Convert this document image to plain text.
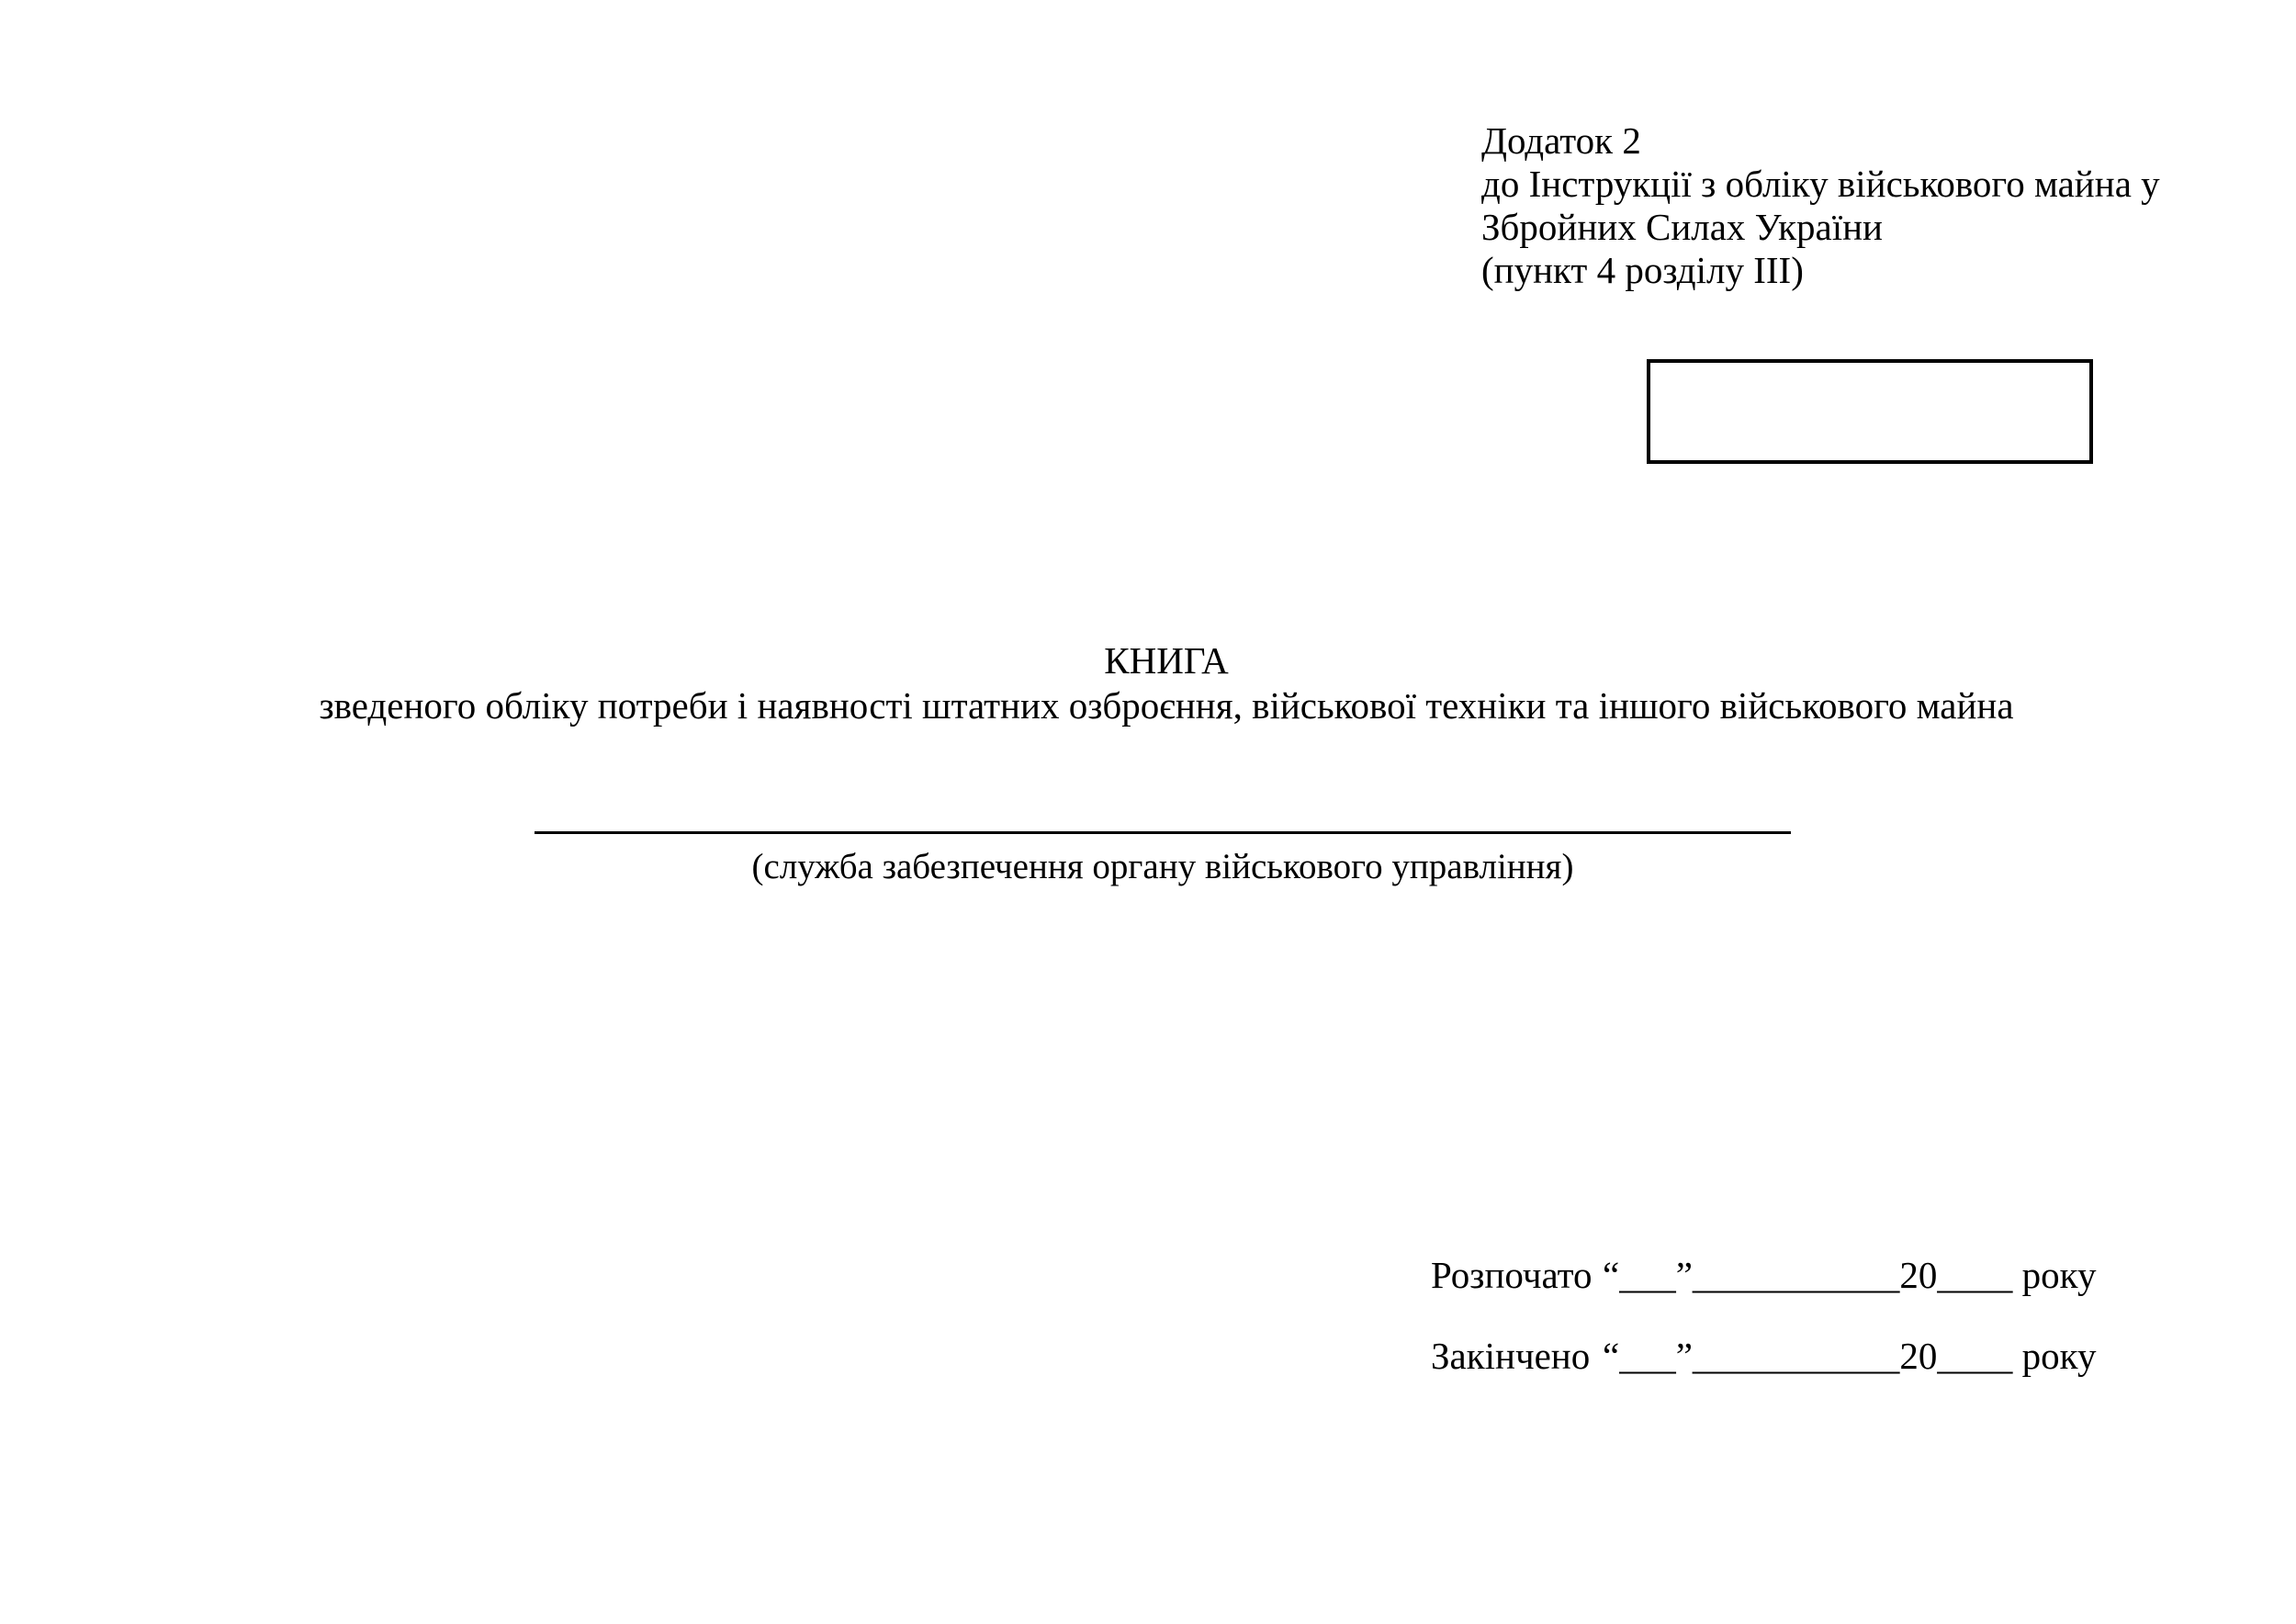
Додаток 2
до Інструкції з обліку військового майна у
Збройних Силах України
(пункт 4 розділу III)
КНИГА
зведеного обліку потреби і наявності штатних озброєння, військової техніки та іншого військового майна
(служба забезпечення органу військового управління)
Розпочато “___”___________20____ року
Закінчено “___”___________20____ року
